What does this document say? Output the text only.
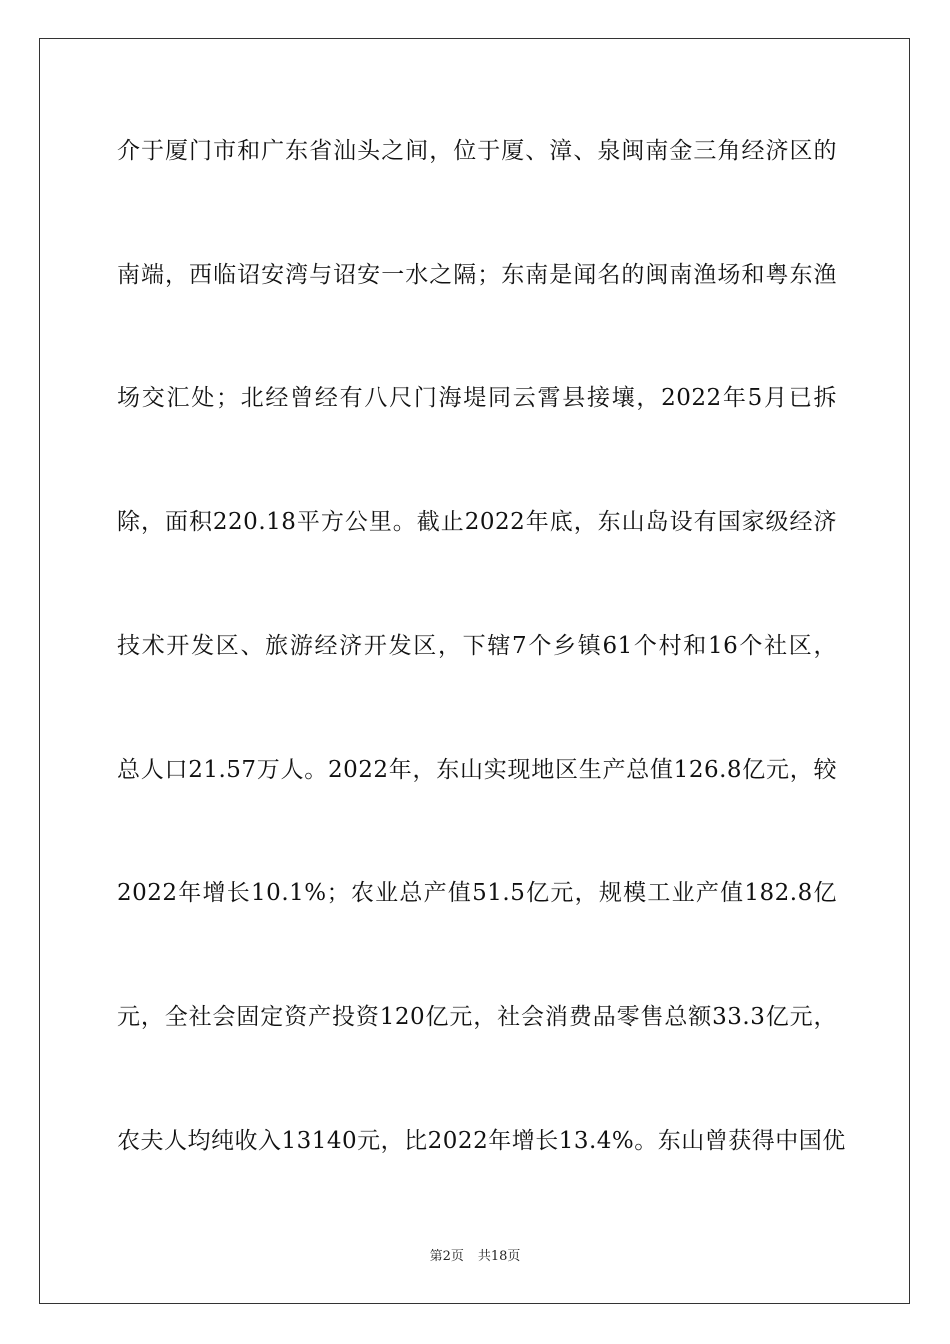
介于厦门市和广东省汕头之间，位于厦、漳、泉闽南金三角经济区的
南端，西临诏安湾与诏安一水之隔；东南是闻名的闽南渔场和粤东渔
场交汇处；北经曾经有八尺门海堤同云霄县接壤，2022年5月已拆
除，面积220.18平方公里。截止2022年底，东山岛设有国家级经济
技术开发区、旅游经济开发区，下辖7个乡镇61个村和16个社区，
总人口21.57万人。2022年，东山实现地区生产总值126.8亿元，较
2022年增长10.1%；农业总产值51.5亿元，规模工业产值182.8亿
元，全社会固定资产投资120亿元，社会消费品零售总额33.3亿元，
农夫人均纯收入13140元，比2022年增长13.4%。东山曾获得中国优
第2页 共18页
